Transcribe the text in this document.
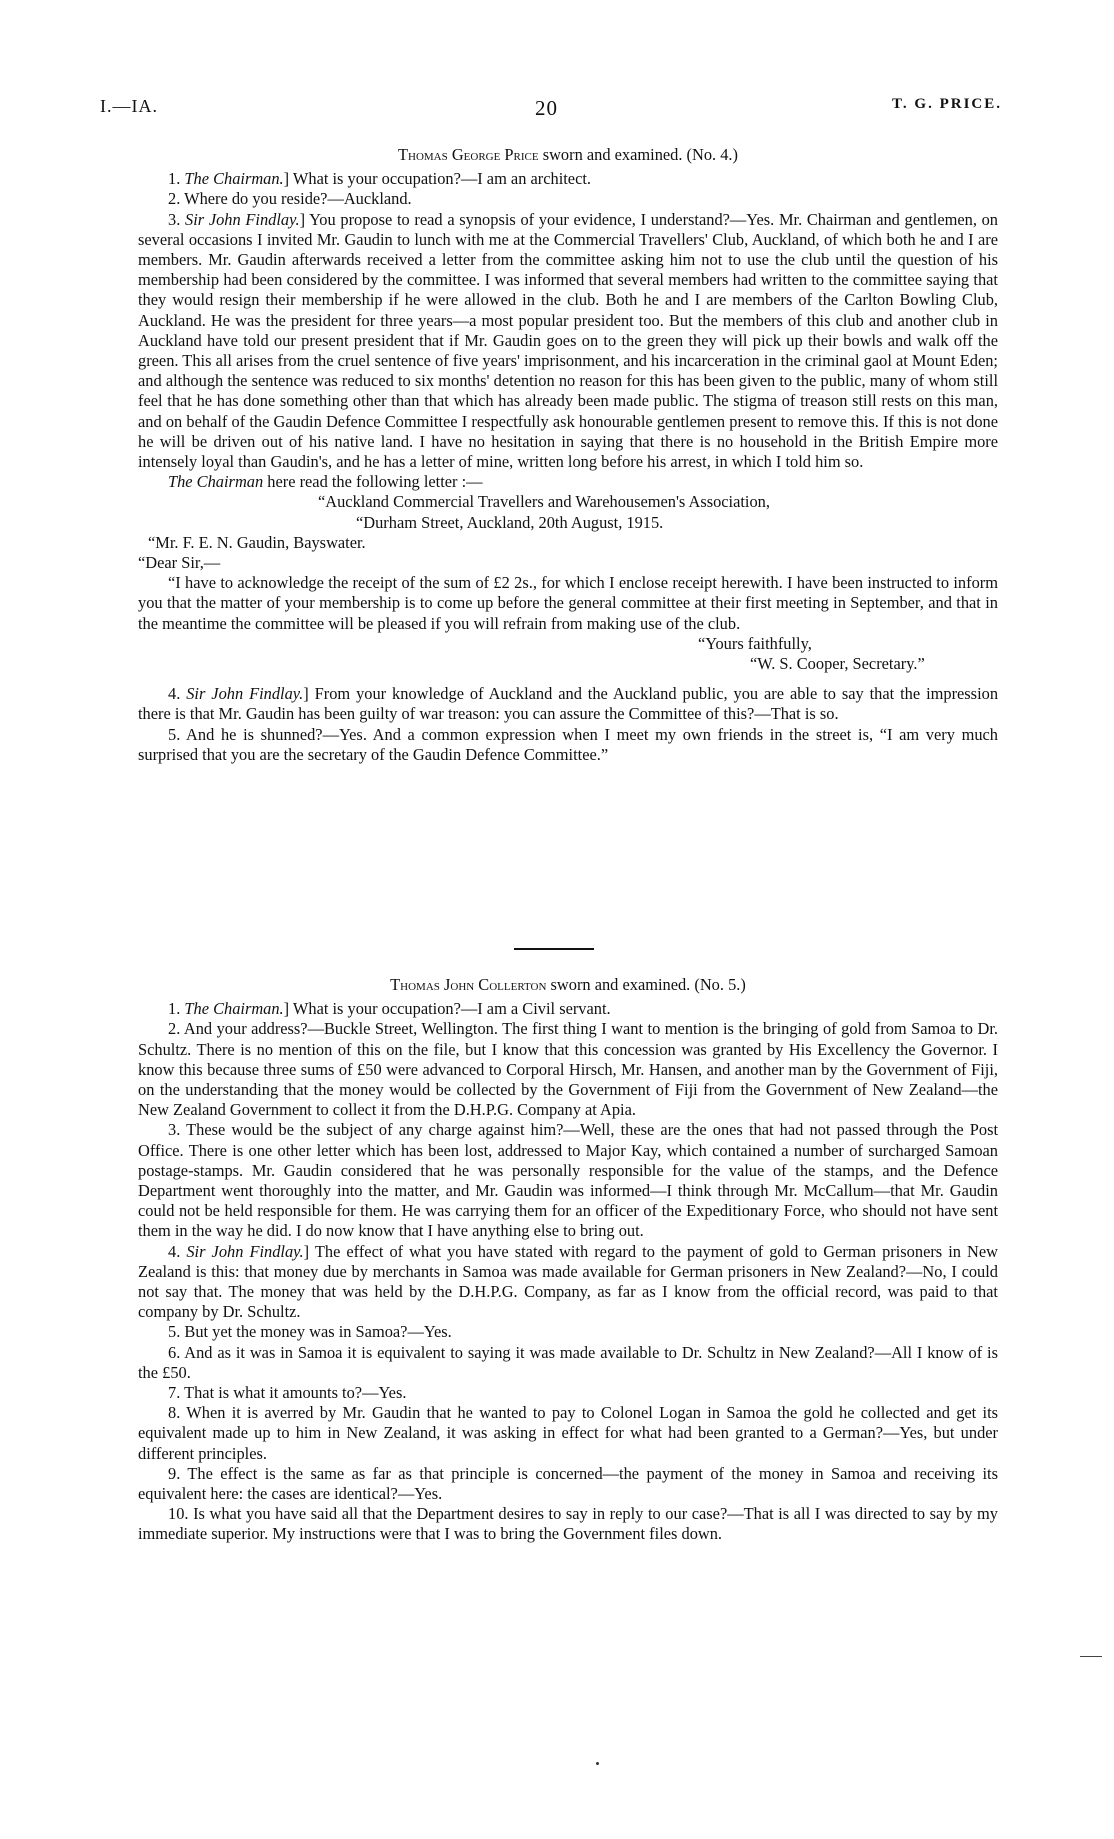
I.—IA.	20	T. G. PRICE.
Thomas George Price sworn and examined. (No. 4.)

1. The Chairman.] What is your occupation?—I am an architect.

2. Where do you reside?—Auckland.

3. Sir John Findlay.] You propose to read a synopsis of your evidence, I understand?—Yes. Mr. Chairman and gentlemen, on several occasions I invited Mr. Gaudin to lunch with me at the Commercial Travellers' Club, Auckland, of which both he and I are members. Mr. Gaudin afterwards received a letter from the committee asking him not to use the club until the question of his membership had been considered by the committee. I was informed that several members had written to the committee saying that they would resign their membership if he were allowed in the club. Both he and I are members of the Carlton Bowling Club, Auckland. He was the president for three years—a most popular president too. But the members of this club and another club in Auckland have told our present president that if Mr. Gaudin goes on to the green they will pick up their bowls and walk off the green. This all arises from the cruel sentence of five years' imprisonment, and his incarceration in the criminal gaol at Mount Eden; and although the sentence was reduced to six months' detention no reason for this has been given to the public, many of whom still feel that he has done something other than that which has already been made public. The stigma of treason still rests on this man, and on behalf of the Gaudin Defence Committee I respectfully ask honourable gentlemen present to remove this. If this is not done he will be driven out of his native land. I have no hesitation in saying that there is no household in the British Empire more intensely loyal than Gaudin's, and he has a letter of mine, written long before his arrest, in which I told him so.

The Chairman here read the following letter :—

“Auckland Commercial Travellers and Warehousemen's Association,

“Durham Street, Auckland, 20th August, 1915.

“Mr. F. E. N. Gaudin, Bayswater.

“Dear Sir,—

“I have to acknowledge the receipt of the sum of £2 2s., for which I enclose receipt herewith. I have been instructed to inform you that the matter of your membership is to come up before the general committee at their first meeting in September, and that in the meantime the committee will be pleased if you will refrain from making use of the club.

“Yours faithfully,

“W. S. Cooper, Secretary.”

4. Sir John Findlay.] From your knowledge of Auckland and the Auckland public, you are able to say that the impression there is that Mr. Gaudin has been guilty of war treason: you can assure the Committee of this?—That is so.

5. And he is shunned?—Yes. And a common expression when I meet my own friends in the street is, “I am very much surprised that you are the secretary of the Gaudin Defence Committee.”

Thomas John Collerton sworn and examined. (No. 5.)

1. The Chairman.] What is your occupation?—I am a Civil servant.

2. And your address?—Buckle Street, Wellington. The first thing I want to mention is the bringing of gold from Samoa to Dr. Schultz. There is no mention of this on the file, but I know that this concession was granted by His Excellency the Governor. I know this because three sums of £50 were advanced to Corporal Hirsch, Mr. Hansen, and another man by the Government of Fiji, on the understanding that the money would be collected by the Government of Fiji from the Government of New Zealand—the New Zealand Government to collect it from the D.H.P.G. Company at Apia.

3. These would be the subject of any charge against him?—Well, these are the ones that had not passed through the Post Office. There is one other letter which has been lost, addressed to Major Kay, which contained a number of surcharged Samoan postage-stamps. Mr. Gaudin considered that he was personally responsible for the value of the stamps, and the Defence Department went thoroughly into the matter, and Mr. Gaudin was informed—I think through Mr. McCallum—that Mr. Gaudin could not be held responsible for them. He was carrying them for an officer of the Expeditionary Force, who should not have sent them in the way he did. I do now know that I have anything else to bring out.

4. Sir John Findlay.] The effect of what you have stated with regard to the payment of gold to German prisoners in New Zealand is this: that money due by merchants in Samoa was made available for German prisoners in New Zealand?—No, I could not say that. The money that was held by the D.H.P.G. Company, as far as I know from the official record, was paid to that company by Dr. Schultz.

5. But yet the money was in Samoa?—Yes.

6. And as it was in Samoa it is equivalent to saying it was made available to Dr. Schultz in New Zealand?—All I know of is the £50.

7. That is what it amounts to?—Yes.

8. When it is averred by Mr. Gaudin that he wanted to pay to Colonel Logan in Samoa the gold he collected and get its equivalent made up to him in New Zealand, it was asking in effect for what had been granted to a German?—Yes, but under different principles.

9. The effect is the same as far as that principle is concerned—the payment of the money in Samoa and receiving its equivalent here: the cases are identical?—Yes.

10. Is what you have said all that the Department desires to say in reply to our case?—That is all I was directed to say by my immediate superior. My instructions were that I was to bring the Government files down.
